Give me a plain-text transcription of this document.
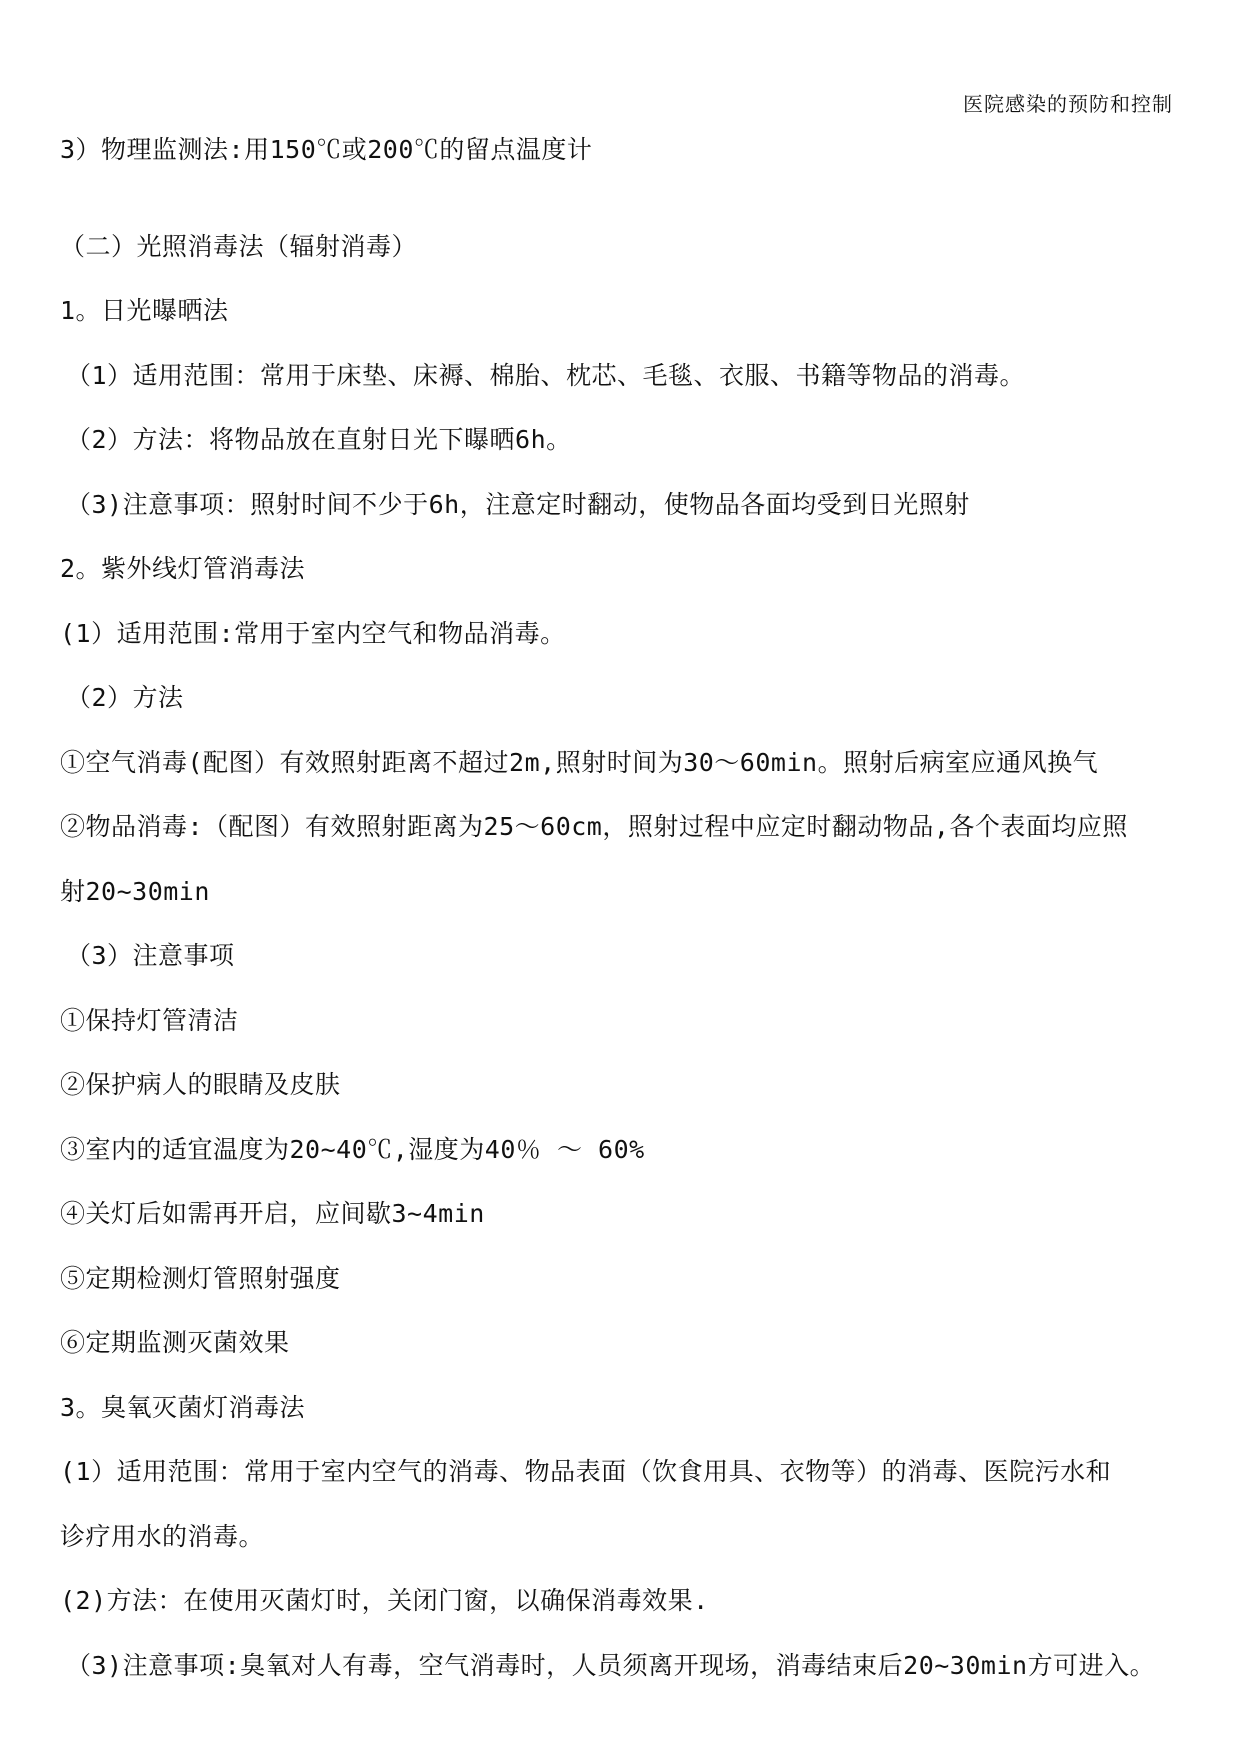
医院感染的预防和控制
3）物理监测法:用150℃或200℃的留点温度计
（二）光照消毒法（辐射消毒）
1。日光曝晒法
（1）适用范围：常用于床垫、床褥、棉胎、枕芯、毛毯、衣服、书籍等物品的消毒。
（2）方法：将物品放在直射日光下曝晒6h。
（3)注意事项：照射时间不少于6h，注意定时翻动，使物品各面均受到日光照射
2。紫外线灯管消毒法
(1）适用范围:常用于室内空气和物品消毒。
（2）方法
①空气消毒(配图）有效照射距离不超过2m,照射时间为30～60min。照射后病室应通风换气
②物品消毒:（配图）有效照射距离为25～60cm，照射过程中应定时翻动物品,各个表面均应照
射20~30min
（3）注意事项
①保持灯管清洁
②保护病人的眼睛及皮肤
③室内的适宜温度为20~40℃,湿度为40％ ～ 60%
④关灯后如需再开启，应间歇3~4min
⑤定期检测灯管照射强度
⑥定期监测灭菌效果
3。臭氧灭菌灯消毒法
(1）适用范围：常用于室内空气的消毒、物品表面（饮食用具、衣物等）的消毒、医院污水和
诊疗用水的消毒。
(2)方法：在使用灭菌灯时，关闭门窗，以确保消毒效果.
（3)注意事项:臭氧对人有毒，空气消毒时，人员须离开现场，消毒结束后20~30min方可进入。
